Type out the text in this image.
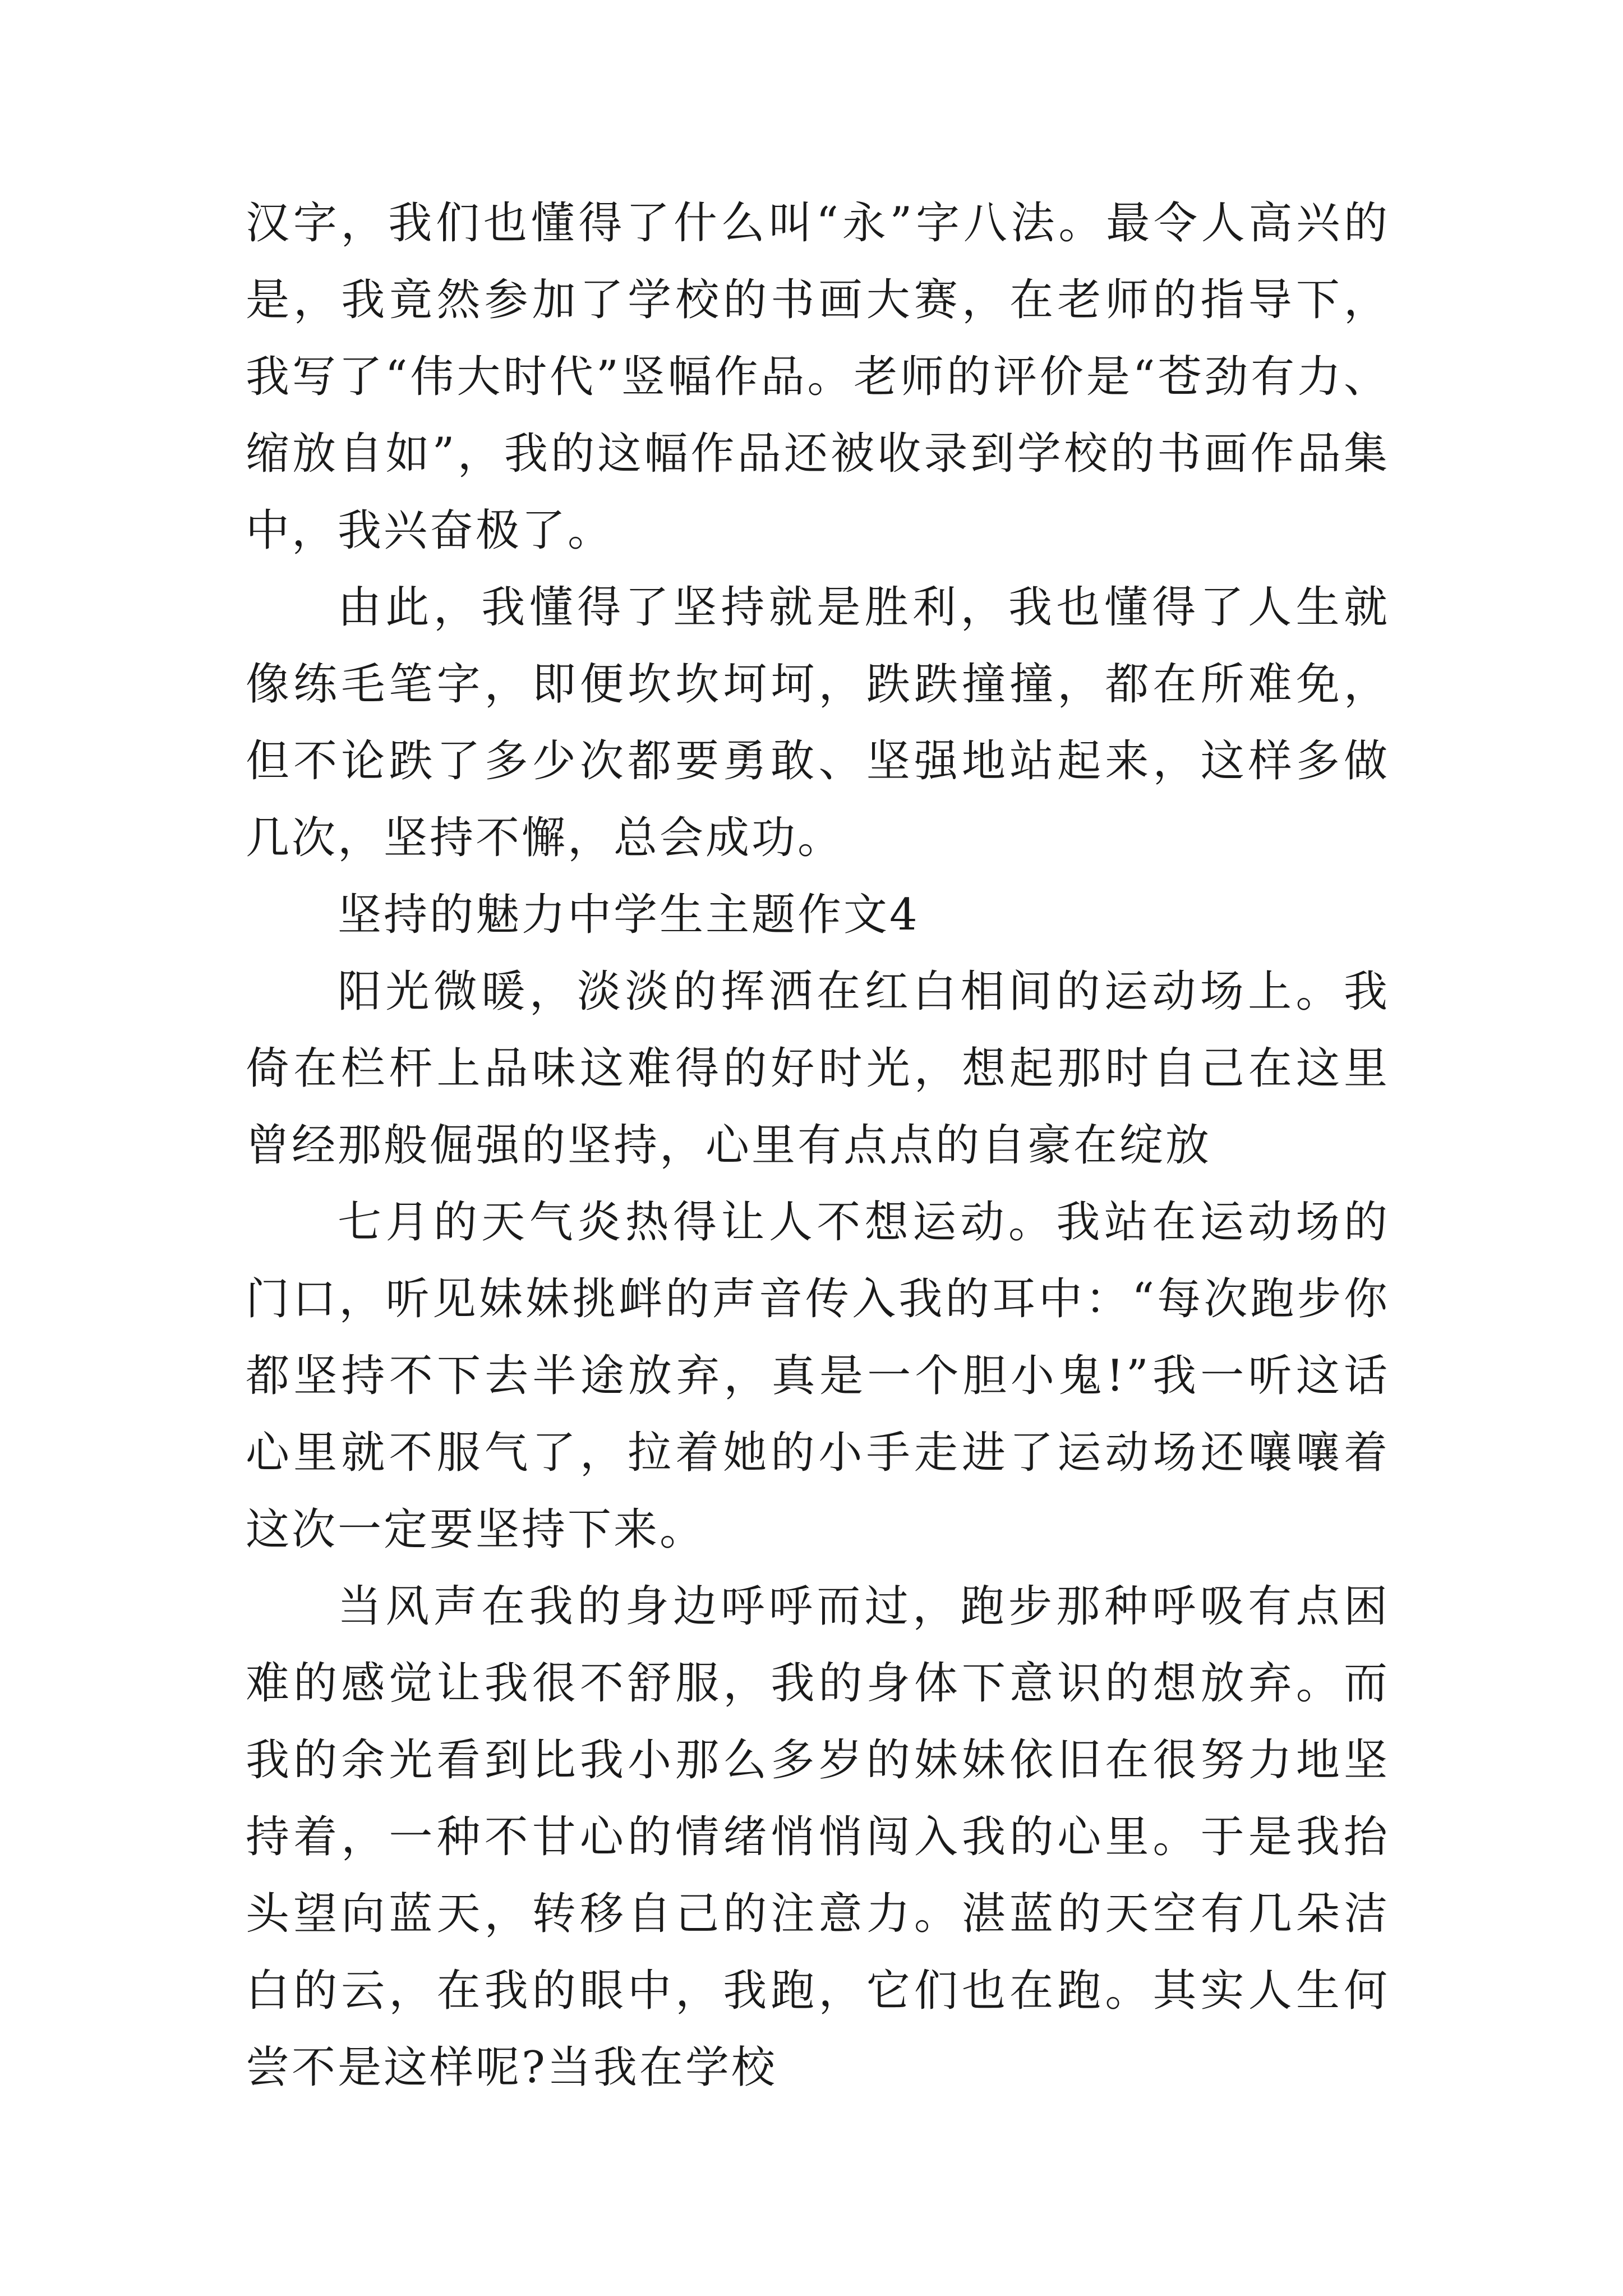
汉字，我们也懂得了什么叫“永”字八法。最令人高兴的是，我竟然参加了学校的书画大赛，在老师的指导下，我写了“伟大时代”竖幅作品。老师的评价是“苍劲有力、缩放自如”，我的这幅作品还被收录到学校的书画作品集中，我兴奋极了。

由此，我懂得了坚持就是胜利，我也懂得了人生就像练毛笔字，即便坎坎坷坷，跌跌撞撞，都在所难免，但不论跌了多少次都要勇敢、坚强地站起来，这样多做几次，坚持不懈，总会成功。

坚持的魅力中学生主题作文4

阳光微暖，淡淡的挥洒在红白相间的运动场上。我倚在栏杆上品味这难得的好时光，想起那时自己在这里曾经那般倔强的坚持，心里有点点的自豪在绽放

七月的天气炎热得让人不想运动。我站在运动场的门口，听见妹妹挑衅的声音传入我的耳中：“每次跑步你都坚持不下去半途放弃，真是一个胆小鬼!”我一听这话心里就不服气了，拉着她的小手走进了运动场还嚷嚷着这次一定要坚持下来。

当风声在我的身边呼呼而过，跑步那种呼吸有点困难的感觉让我很不舒服，我的身体下意识的想放弃。而我的余光看到比我小那么多岁的妹妹依旧在很努力地坚持着，一种不甘心的情绪悄悄闯入我的心里。于是我抬头望向蓝天，转移自己的注意力。湛蓝的天空有几朵洁白的云，在我的眼中，我跑，它们也在跑。其实人生何尝不是这样呢?当我在学校
